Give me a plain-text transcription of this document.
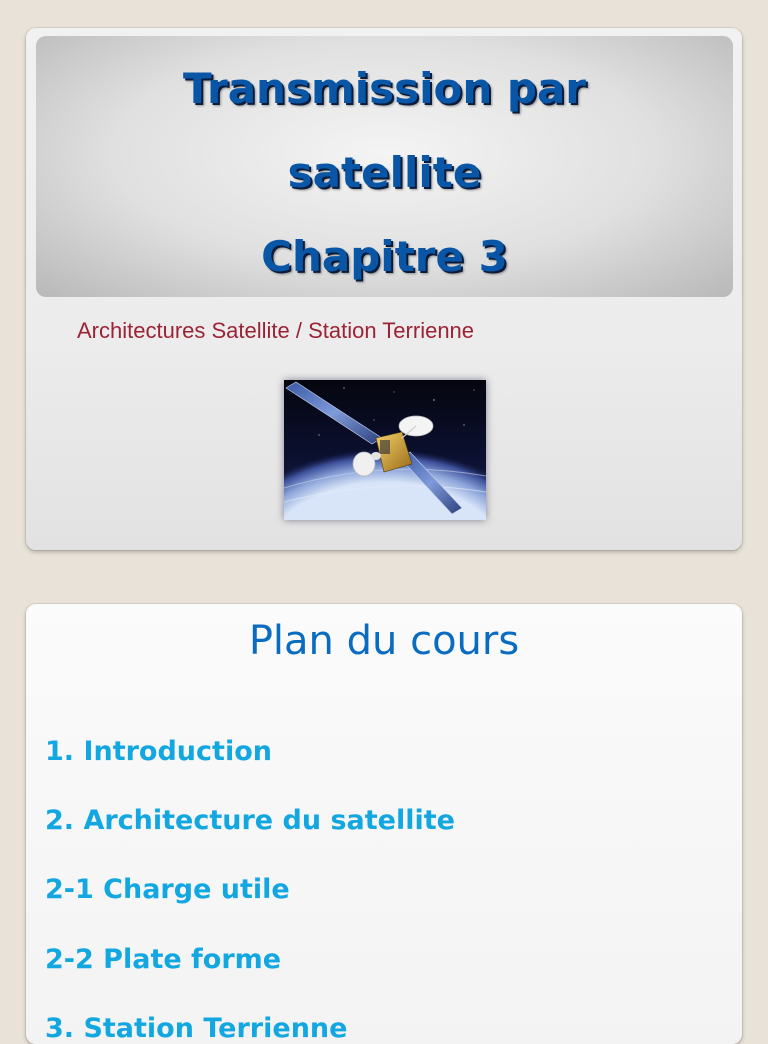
Transmission par
satellite
Chapitre 3
Architectures Satellite / Station Terrienne
Plan du cours
1. Introduction
2. Architecture du satellite
2-1 Charge utile
2-2 Plate forme
3. Station Terrienne
